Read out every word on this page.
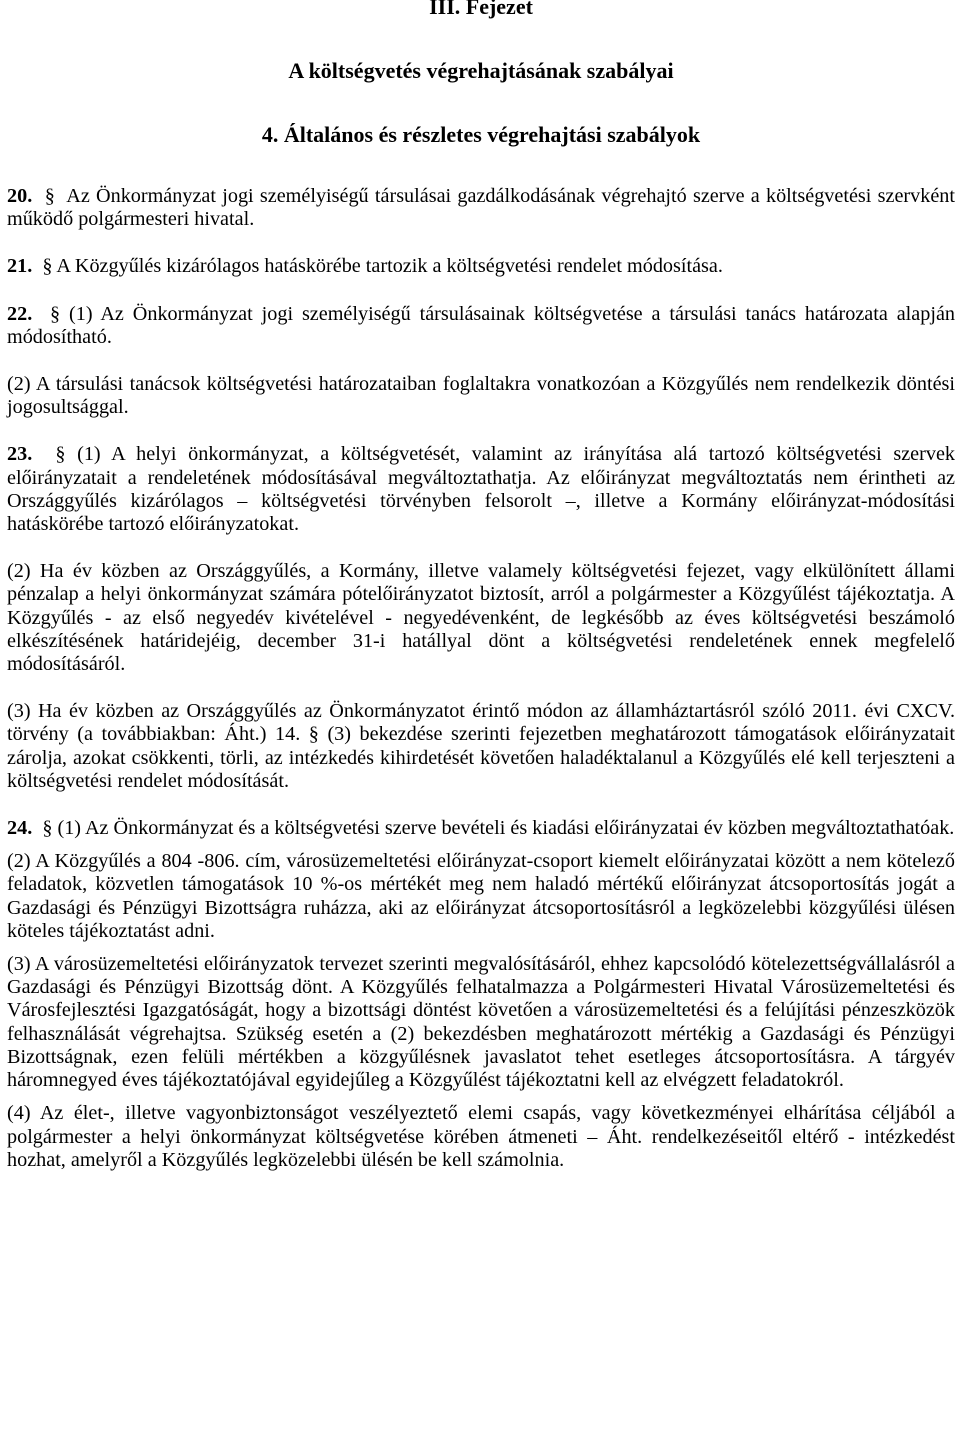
III. Fejezet
A költségvetés végrehajtásának szabályai
4. Általános és részletes végrehajtási szabályok

20. § Az Önkormányzat jogi személyiségű társulásai gazdálkodásának végrehajtó szerve a költségvetési szervként működő polgármesteri hivatal.

21. § A Közgyűlés kizárólagos hatáskörébe tartozik a költségvetési rendelet módosítása.

22. § (1) Az Önkormányzat jogi személyiségű társulásainak költségvetése a társulási tanács határozata alapján módosítható.

(2) A társulási tanácsok költségvetési határozataiban foglaltakra vonatkozóan a Közgyűlés nem rendelkezik döntési jogosultsággal.

23. § (1) A helyi önkormányzat, a költségvetését, valamint az irányítása alá tartozó költségvetési szervek előirányzatait a rendeletének módosításával megváltoztathatja. Az előirányzat megváltoztatás nem érintheti az Országgyűlés kizárólagos – költségvetési törvényben felsorolt –, illetve a Kormány előirányzat-módosítási hatáskörébe tartozó előirányzatokat.

(2) Ha év közben az Országgyűlés, a Kormány, illetve valamely költségvetési fejezet, vagy elkülönített állami pénzalap a helyi önkormányzat számára pótelőirányzatot biztosít, arról a polgármester a Közgyűlést tájékoztatja. A Közgyűlés - az első negyedév kivételével - negyedévenként, de legkésőbb az éves költségvetési beszámoló elkészítésének határidejéig, december 31-i hatállyal dönt a költségvetési rendeletének ennek megfelelő módosításáról.

(3) Ha év közben az Országgyűlés az Önkormányzatot érintő módon az államháztartásról szóló 2011. évi CXCV. törvény (a továbbiakban: Áht.) 14. § (3) bekezdése szerinti fejezetben meghatározott támogatások előirányzatait zárolja, azokat csökkenti, törli, az intézkedés kihirdetését követően haladéktalanul a Közgyűlés elé kell terjeszteni a költségvetési rendelet módosítását.

24. § (1) Az Önkormányzat és a költségvetési szerve bevételi és kiadási előirányzatai év közben megváltoztathatóak.

(2) A Közgyűlés a 804 -806. cím, városüzemeltetési előirányzat-csoport kiemelt előirányzatai között a nem kötelező feladatok, közvetlen támogatások 10 %-os mértékét meg nem haladó mértékű előirányzat átcsoportosítás jogát a Gazdasági és Pénzügyi Bizottságra ruházza, aki az előirányzat átcsoportosításról a legközelebbi közgyűlési ülésen köteles tájékoztatást adni.

(3) A városüzemeltetési előirányzatok tervezet szerinti megvalósításáról, ehhez kapcsolódó kötelezettségvállalásról a Gazdasági és Pénzügyi Bizottság dönt. A Közgyűlés felhatalmazza a Polgármesteri Hivatal Városüzemeltetési és Városfejlesztési Igazgatóságát, hogy a bizottsági döntést követően a városüzemeltetési és a felújítási pénzeszközök felhasználását végrehajtsa. Szükség esetén a (2) bekezdésben meghatározott mértékig a Gazdasági és Pénzügyi Bizottságnak, ezen felüli mértékben a közgyűlésnek javaslatot tehet esetleges átcsoportosításra. A tárgyév háromnegyed éves tájékoztatójával egyidejűleg a Közgyűlést tájékoztatni kell az elvégzett feladatokról.

(4) Az élet-, illetve vagyonbiztonságot veszélyeztető elemi csapás, vagy következményei elhárítása céljából a polgármester a helyi önkormányzat költségvetése körében átmeneti – Áht. rendelkezéseitől eltérő - intézkedést hozhat, amelyről a Közgyűlés legközelebbi ülésén be kell számolnia.
